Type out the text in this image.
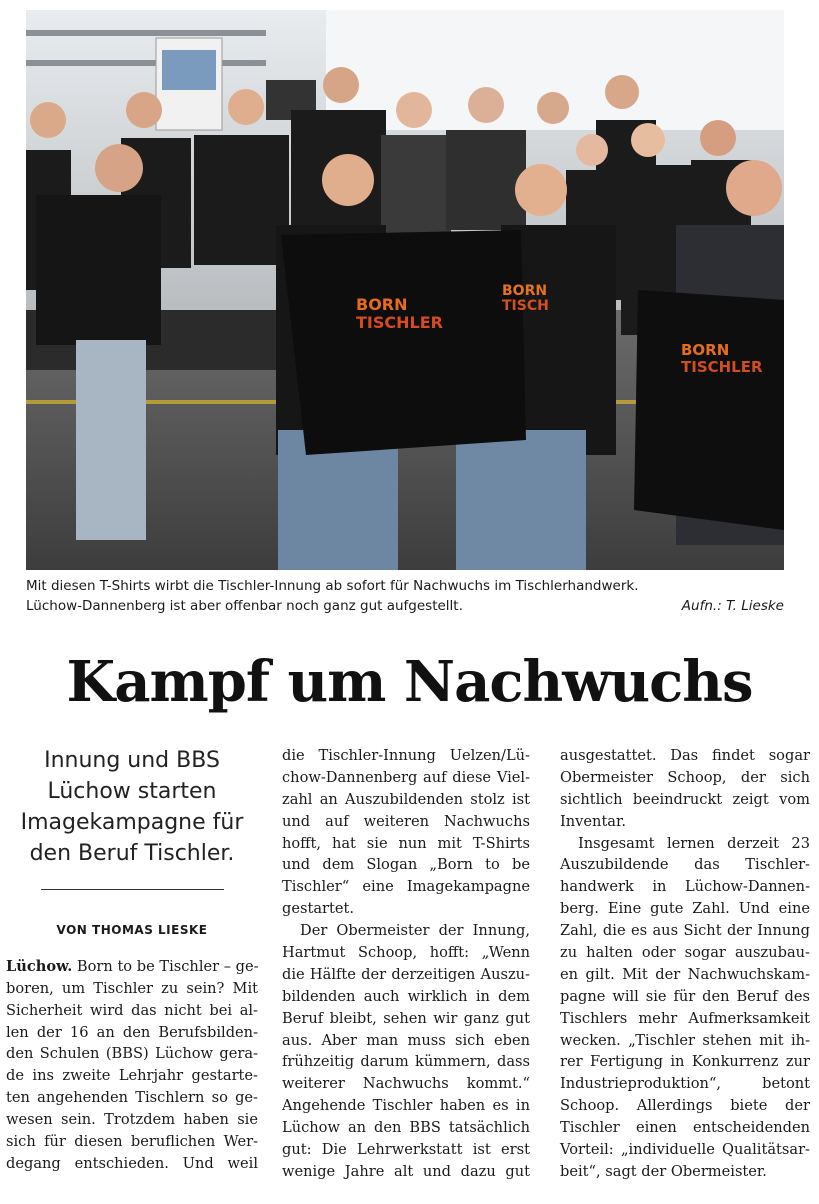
BORN
TISCHLER
BORN
TISCH
BORN
TISCHLER
Mit diesen T-Shirts wirbt die Tischler-Innung ab sofort für Nachwuchs im Tischlerhandwerk.
Lüchow-Dannenberg ist aber offenbar noch ganz gut aufgestellt.	Aufn.: T. Lieske
Kampf um Nachwuchs
Innung und BBS
Lüchow starten
Imagekampagne für
den Beruf Tischler.
VON THOMAS LIESKE
Lüchow. Born to be Tischler – ge-
boren, um Tischler zu sein? Mit
Sicherheit wird das nicht bei al-
len der 16 an den Berufsbilden-
den Schulen (BBS) Lüchow gera-
de ins zweite Lehrjahr gestarte-
ten angehenden Tischlern so ge-
wesen sein. Trotzdem haben sie
sich für diesen beruflichen Wer-
degang entschieden. Und weil
die Tischler-Innung Uelzen/Lü-
chow-Dannenberg auf diese Viel-
zahl an Auszubildenden stolz ist
und auf weiteren Nachwuchs
hofft, hat sie nun mit T-Shirts
und dem Slogan „Born to be
Tischler“ eine Imagekampagne
gestartet.
Der Obermeister der Innung,
Hartmut Schoop, hofft: „Wenn
die Hälfte der derzeitigen Auszu-
bildenden auch wirklich in dem
Beruf bleibt, sehen wir ganz gut
aus. Aber man muss sich eben
frühzeitig darum kümmern, dass
weiterer Nachwuchs kommt.“
Angehende Tischler haben es in
Lüchow an den BBS tatsächlich
gut: Die Lehrwerkstatt ist erst
wenige Jahre alt und dazu gut
ausgestattet. Das findet sogar
Obermeister Schoop, der sich
sichtlich beeindruckt zeigt vom
Inventar.
Insgesamt lernen derzeit 23
Auszubildende das Tischler-
handwerk in Lüchow-Dannen-
berg. Eine gute Zahl. Und eine
Zahl, die es aus Sicht der Innung
zu halten oder sogar auszubau-
en gilt. Mit der Nachwuchskam-
pagne will sie für den Beruf des
Tischlers mehr Aufmerksamkeit
wecken. „Tischler stehen mit ih-
rer Fertigung in Konkurrenz zur
Industrieproduktion“, betont
Schoop. Allerdings biete der
Tischler einen entscheidenden
Vorteil: „individuelle Qualitätsar-
beit“, sagt der Obermeister.
